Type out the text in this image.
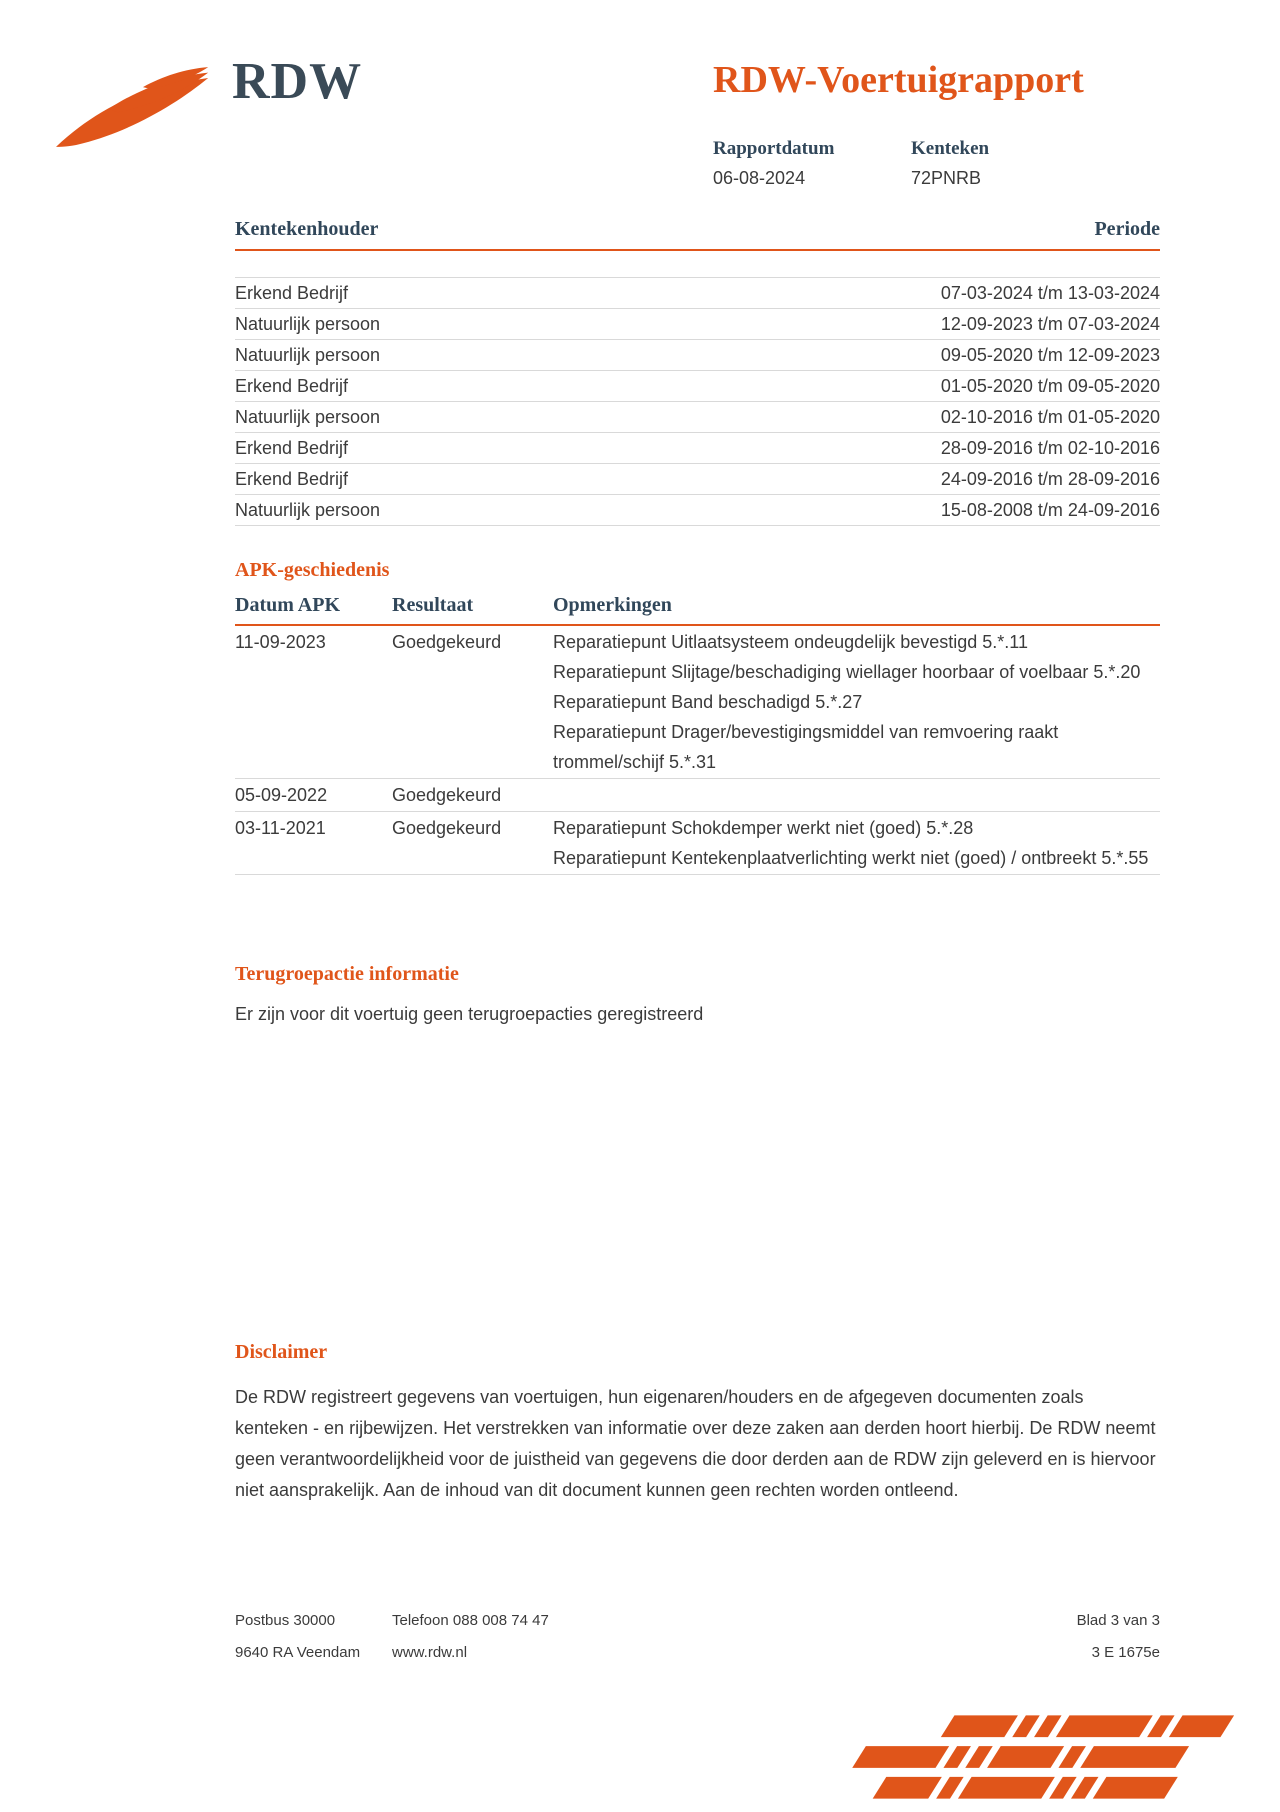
RDW	RDW-Voertuigrapport
Rapportdatum
06-08-2024
Kenteken
72PNRB
Kentekenhouder	Periode
Erkend Bedrijf	07-03-2024 t/m 13-03-2024
Natuurlijk persoon	12-09-2023 t/m 07-03-2024
Natuurlijk persoon	09-05-2020 t/m 12-09-2023
Erkend Bedrijf	01-05-2020 t/m 09-05-2020
Natuurlijk persoon	02-10-2016 t/m 01-05-2020
Erkend Bedrijf	28-09-2016 t/m 02-10-2016
Erkend Bedrijf	24-09-2016 t/m 28-09-2016
Natuurlijk persoon	15-08-2008 t/m 24-09-2016
APK-geschiedenis
Datum APK	Resultaat	Opmerkingen
11-09-2023	Goedgekeurd	Reparatiepunt Uitlaatsysteem ondeugdelijk bevestigd 5.*.11
Reparatiepunt Slijtage/beschadiging wiellager hoorbaar of voelbaar 5.*.20
Reparatiepunt Band beschadigd 5.*.27
Reparatiepunt Drager/bevestigingsmiddel van remvoering raakt trommel/schijf 5.*.31
05-09-2022	Goedgekeurd
03-11-2021	Goedgekeurd	Reparatiepunt Schokdemper werkt niet (goed) 5.*.28
Reparatiepunt Kentekenplaatverlichting werkt niet (goed) / ontbreekt 5.*.55
Terugroepactie informatie
Er zijn voor dit voertuig geen terugroepacties geregistreerd
Disclaimer

De RDW registreert gegevens van voertuigen, hun eigenaren/houders en de afgegeven documenten zoals kenteken - en rijbewijzen. Het verstrekken van informatie over deze zaken aan derden hoort hierbij. De RDW neemt geen verantwoordelijkheid voor de juistheid van gegevens die door derden aan de RDW zijn geleverd en is hiervoor niet aansprakelijk. Aan de inhoud van dit document kunnen geen rechten worden ontleend.

Postbus 30000	Telefoon 088 008 74 47	Blad 3 van 3
9640 RA Veendam	www.rdw.nl	3 E 1675e
